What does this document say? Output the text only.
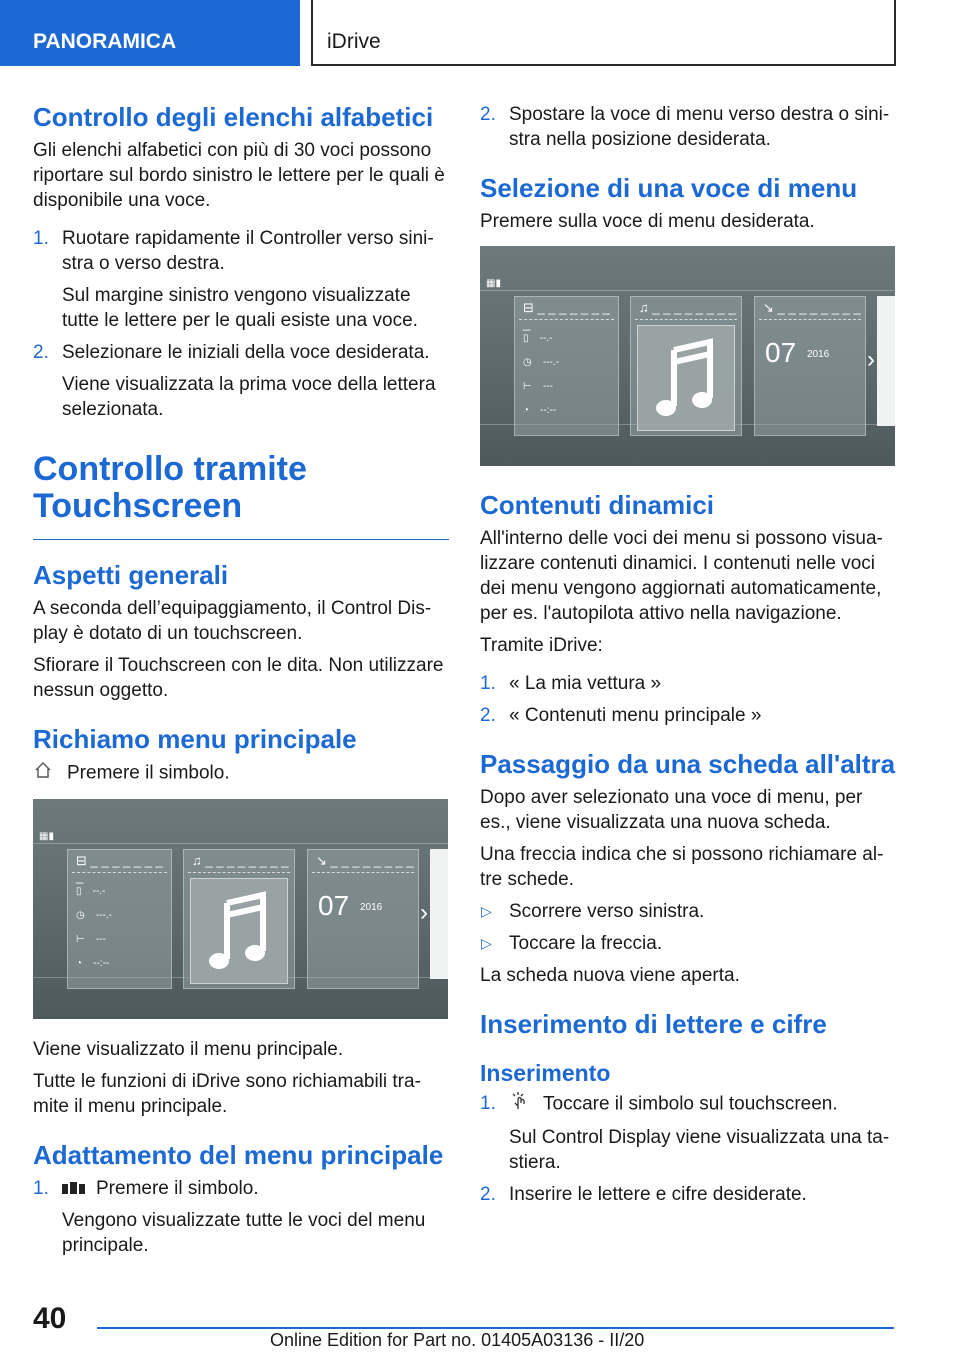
PANORAMICA	iDrive
Controllo degli elenchi alfabetici

Gli elenchi alfabetici con più di 30 voci possono riportare sul bordo sinistro le lettere per le quali è disponibile una voce.

1. Ruotare rapidamente il Controller verso sini‐ stra o verso destra.
Sul margine sinistro vengono visualizzate tutte le lettere per le quali esiste una voce.
2. Selezionare le iniziali della voce desiderata.
Viene visualizzata la prima voce della lettera selezionata.
Controllo tramite Touchscreen
Aspetti generali

A seconda dell’equipaggiamento, il Control Dis‐ play è dotato di un touchscreen.

Sfiorare il Touchscreen con le dita. Non utilizzare nessun oggetto.

Richiamo menu principale

Premere il simbolo.

▦▮
⊟ _ _ _ _ _ _ _ _
▯    --.-
◷    ---.-
⊢    ---
◔    --:--
♫ _ _ _ _ _ _ _ _	↘ _ _ _ _ _ _ _ _
07 2016 ›

Viene visualizzato il menu principale.

Tutte le funzioni di iDrive sono richiamabili tra‐ mite il menu principale.

Adattamento del menu principale
1. Premere il simbolo.
Vengono visualizzate tutte le voci del menu principale.
2. Spostare la voce di menu verso destra o sini‐ stra nella posizione desiderata.
Selezione di una voce di menu

Premere sulla voce di menu desiderata.

▦▮
⊟ _ _ _ _ _ _ _ _
▯    --.-
◷    ---.-
⊢    ---
◔    --:--
♫ _ _ _ _ _ _ _ _	↘ _ _ _ _ _ _ _ _
07 2016 ›
Contenuti dinamici

All'interno delle voci dei menu si possono visua‐ lizzare contenuti dinamici. I contenuti nelle voci dei menu vengono aggiornati automaticamente, per es. l'autopilota attivo nella navigazione.

Tramite iDrive:

1. « La mia vettura »
2. « Contenuti menu principale »
Passaggio da una scheda all'altra

Dopo aver selezionato una voce di menu, per es., viene visualizzata una nuova scheda.

Una freccia indica che si possono richiamare al‐ tre schede.

▷ Scorrere verso sinistra.
▷ Toccare la freccia.

La scheda nuova viene aperta.

Inserimento di lettere e cifre
Inserimento
1. Toccare il simbolo sul touchscreen.
Sul Control Display viene visualizzata una ta‐ stiera.
2. Inserire le lettere e cifre desiderate.
40
Online Edition for Part no. 01405A03136 - II/20
